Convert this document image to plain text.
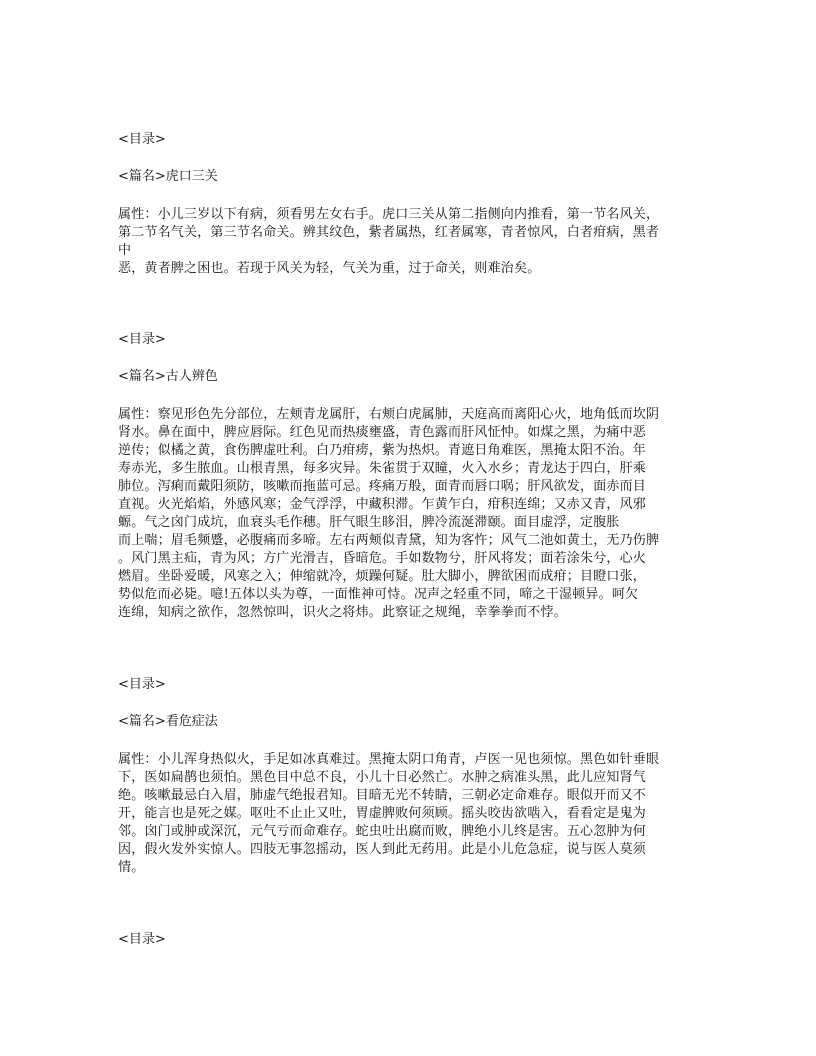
<目录>
<篇名>虎口三关
属性：小儿三岁以下有病，须看男左女右手。虎口三关从第二指侧向内推看，第一节名风关，
第二节名气关，第三节名命关。辨其纹色，紫者属热，红者属寒，青者惊风，白者疳病，黑者
中
恶，黄者脾之困也。若现于风关为轻，气关为重，过于命关，则难治矣。
<目录>
<篇名>古人辨色
属性：察见形色先分部位，左颊青龙属肝，右颊白虎属肺，天庭高而离阳心火，地角低而坎阴
肾水。鼻在面中，脾应唇际。红色见而热痰壅盛，青色露而肝风怔忡。如煤之黑，为痛中恶
逆传；似橘之黄，食伤脾虚吐利。白乃疳痨，紫为热炽。青遮日角难医，黑掩太阳不治。年
寿赤光，多生脓血。山根青黑，每多灾异。朱雀贯于双瞳，火入水乡；青龙达于四白，肝乘
肺位。泻痢而戴阳须防，咳嗽而拖蓝可忌。疼痛万般，面青而唇口㖞；肝风欲发，面赤而目
直视。火光焰焰，外感风寒；金气浮浮，中藏积滞。乍黄乍白，疳积连绵；又赤又青，风邪
螈。气之囟门成坑，血衰头毛作穗。肝气眼生眵泪，脾冷流涎滞颐。面目虚浮，定腹胀
而上喘；眉毛频蹙，必腹痛而多啼。左右两颊似青黛，知为客忤；风气二池如黄土，无乃伤脾
。风门黑主疝，青为风；方广光滑吉，昏暗危。手如数物兮，肝风将发；面若涂朱兮，心火
燃眉。坐卧爱暖，风寒之入；伸缩就冷，烦躁何疑。肚大脚小，脾欲困而成疳；目瞪口张，
势似危而必毙。噫!五体以头为尊，一面惟神可恃。况声之轻重不同，啼之干湿顿异。呵欠
连绵，知病之欲作，忽然惊叫，识火之将炜。此察证之规绳，幸拳拳而不悖。
<目录>
<篇名>看危症法
属性：小儿浑身热似火，手足如冰真难过。黑掩太阴口角青，卢医一见也须惊。黑色如针垂眼
下，医如扁鹊也须怕。黑色目中总不良，小儿十日必然亡。水肿之病准头黑，此儿应知肾气
绝。咳嗽最忌白入眉，肺虚气绝报君知。目暗无光不转睛，三朝必定命难存。眼似开而又不
开，能言也是死之媒。呕吐不止止又吐，胃虚脾败何须顾。摇头咬齿欲啮入，看看定是鬼为
邻。囟门或肿或深沉，元气亏而命难存。蛇虫吐出腐而败，脾绝小儿终是害。五心忽肿为何
因，假火发外实惊人。四肢无事忽摇动，医人到此无药用。此是小儿危急症，说与医人莫须
情。
<目录>
